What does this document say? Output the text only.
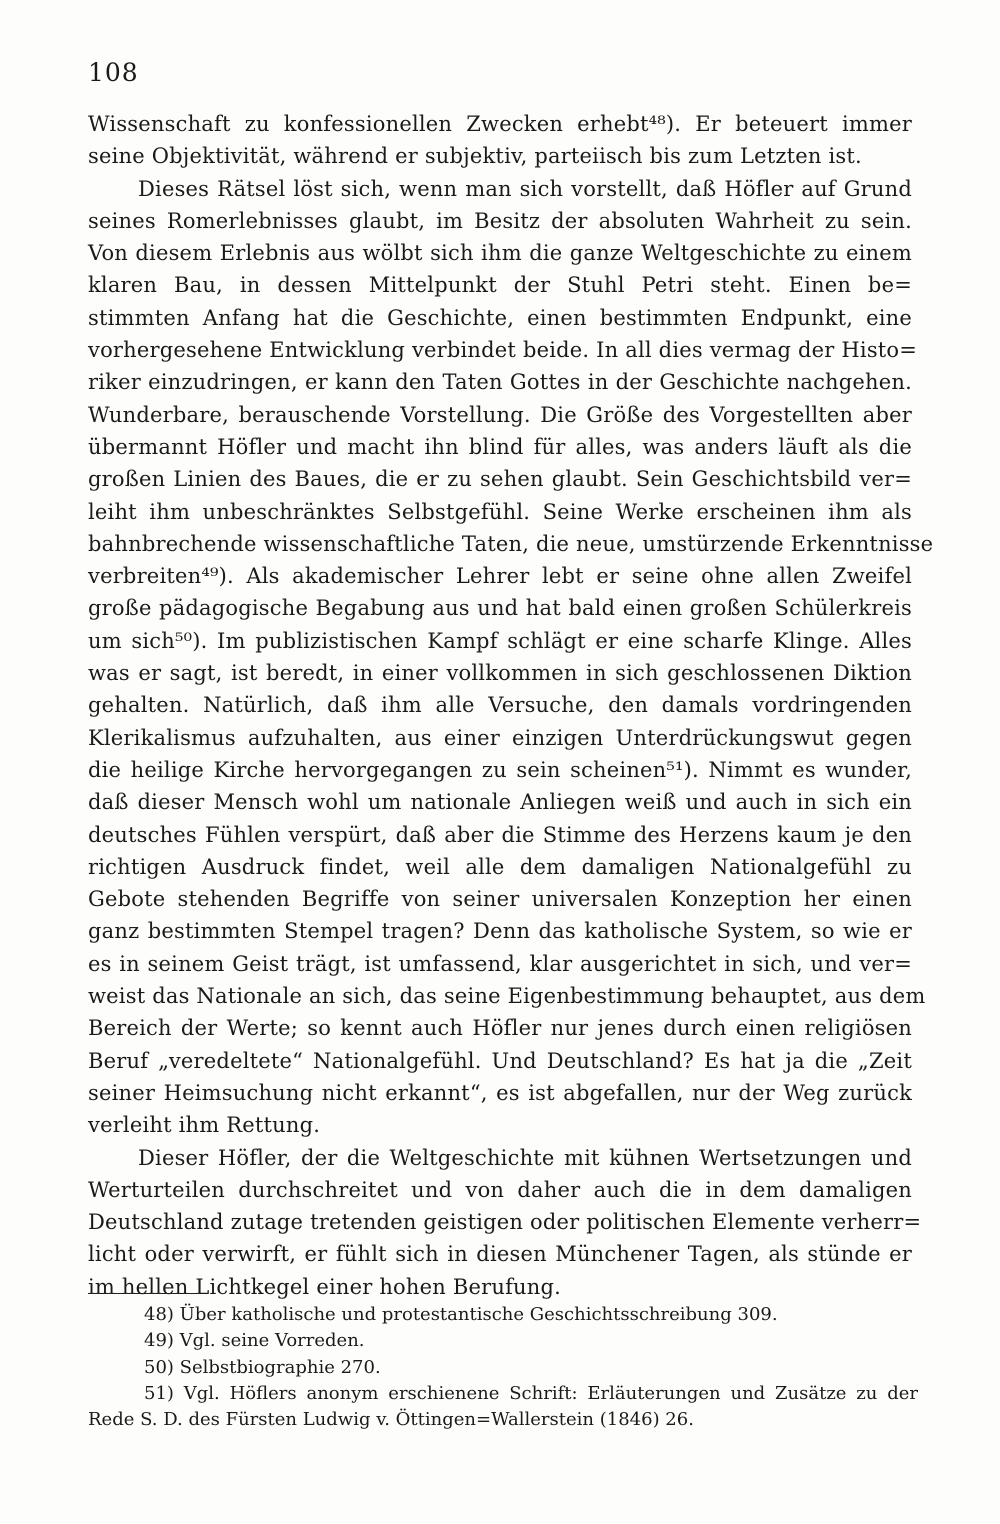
108
Wissenschaft zu konfessionellen Zwecken erhebt⁴⁸). Er beteuert immer
seine Objektivität, während er subjektiv, parteiisch bis zum Letzten ist.
Dieses Rätsel löst sich, wenn man sich vorstellt, daß Höfler auf Grund
seines Romerlebnisses glaubt, im Besitz der absoluten Wahrheit zu sein.
Von diesem Erlebnis aus wölbt sich ihm die ganze Weltgeschichte zu einem
klaren Bau, in dessen Mittelpunkt der Stuhl Petri steht. Einen be=
stimmten Anfang hat die Geschichte, einen bestimmten Endpunkt, eine
vorhergesehene Entwicklung verbindet beide. In all dies vermag der Histo=
riker einzudringen, er kann den Taten Gottes in der Geschichte nachgehen.
Wunderbare, berauschende Vorstellung. Die Größe des Vorgestellten aber
übermannt Höfler und macht ihn blind für alles, was anders läuft als die
großen Linien des Baues, die er zu sehen glaubt. Sein Geschichtsbild ver=
leiht ihm unbeschränktes Selbstgefühl. Seine Werke erscheinen ihm als
bahnbrechende wissenschaftliche Taten, die neue, umstürzende Erkenntnisse
verbreiten⁴⁹). Als akademischer Lehrer lebt er seine ohne allen Zweifel
große pädagogische Begabung aus und hat bald einen großen Schülerkreis
um sich⁵⁰). Im publizistischen Kampf schlägt er eine scharfe Klinge. Alles
was er sagt, ist beredt, in einer vollkommen in sich geschlossenen Diktion
gehalten. Natürlich, daß ihm alle Versuche, den damals vordringenden
Klerikalismus aufzuhalten, aus einer einzigen Unterdrückungswut gegen
die heilige Kirche hervorgegangen zu sein scheinen⁵¹). Nimmt es wunder,
daß dieser Mensch wohl um nationale Anliegen weiß und auch in sich ein
deutsches Fühlen verspürt, daß aber die Stimme des Herzens kaum je den
richtigen Ausdruck findet, weil alle dem damaligen Nationalgefühl zu
Gebote stehenden Begriffe von seiner universalen Konzeption her einen
ganz bestimmten Stempel tragen? Denn das katholische System, so wie er
es in seinem Geist trägt, ist umfassend, klar ausgerichtet in sich, und ver=
weist das Nationale an sich, das seine Eigenbestimmung behauptet, aus dem
Bereich der Werte; so kennt auch Höfler nur jenes durch einen religiösen
Beruf „veredeltete“ Nationalgefühl. Und Deutschland? Es hat ja die „Zeit
seiner Heimsuchung nicht erkannt“, es ist abgefallen, nur der Weg zurück
verleiht ihm Rettung.
Dieser Höfler, der die Weltgeschichte mit kühnen Wertsetzungen und
Werturteilen durchschreitet und von daher auch die in dem damaligen
Deutschland zutage tretenden geistigen oder politischen Elemente verherr=
licht oder verwirft, er fühlt sich in diesen Münchener Tagen, als stünde er
im hellen Lichtkegel einer hohen Berufung.
48) Über katholische und protestantische Geschichtsschreibung 309.
49) Vgl. seine Vorreden.
50) Selbstbiographie 270.
51) Vgl. Höflers anonym erschienene Schrift: Erläuterungen und Zusätze zu der
Rede S. D. des Fürsten Ludwig v. Öttingen=Wallerstein (1846) 26.
